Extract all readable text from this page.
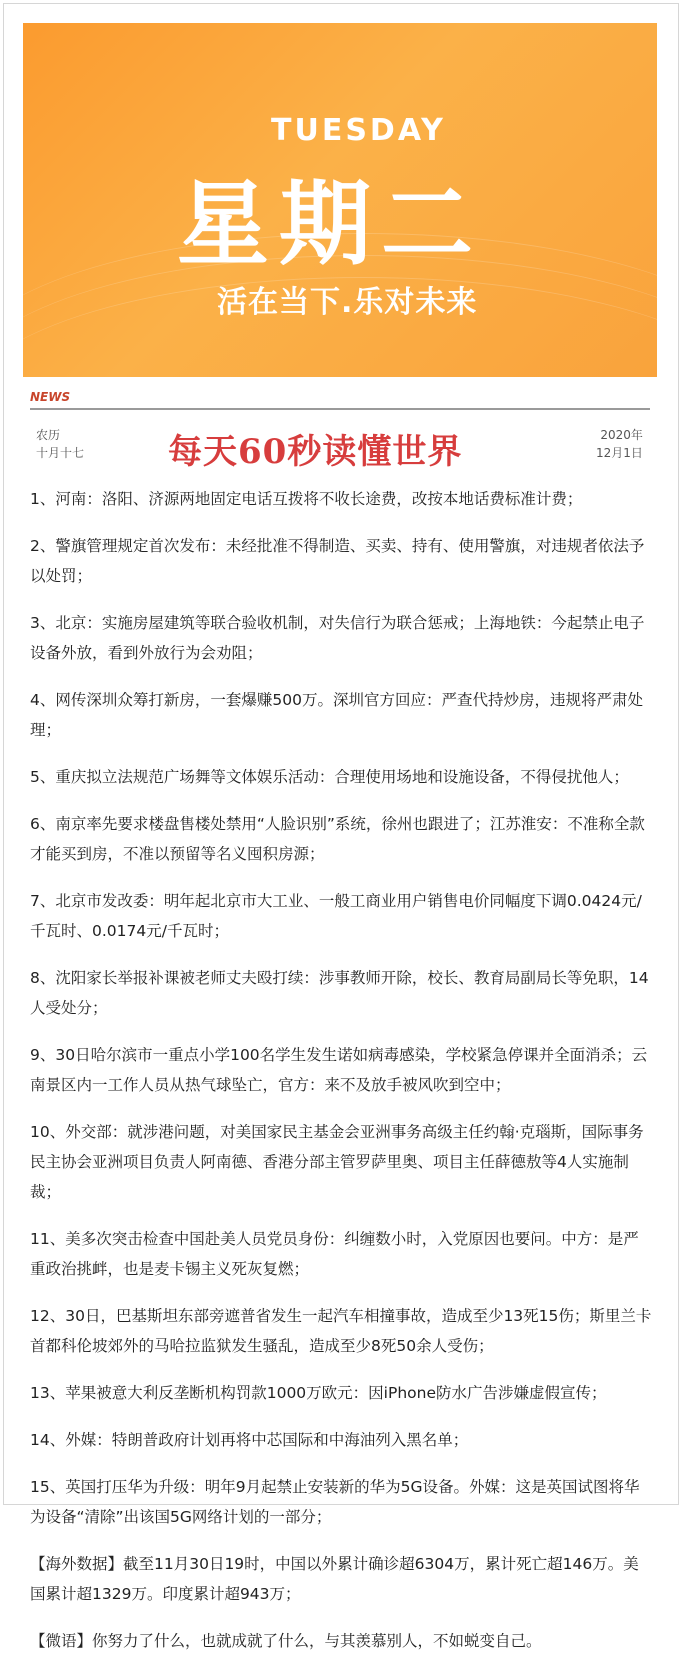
TUESDAY
星期二
活在当下.乐对未来
NEWS
农历
十月十七 每天60秒读懂世界	2020年
12月1日

1、河南：洛阳、济源两地固定电话互拨将不收长途费，改按本地话费标准计费；

2、警旗管理规定首次发布：未经批准不得制造、买卖、持有、使用警旗，对违规者依法予以处罚；

3、北京：实施房屋建筑等联合验收机制，对失信行为联合惩戒；上海地铁：今起禁止电子设备外放，看到外放行为会劝阻；

4、网传深圳众筹打新房，一套爆赚500万。深圳官方回应：严查代持炒房，违规将严肃处理；

5、重庆拟立法规范广场舞等文体娱乐活动：合理使用场地和设施设备，不得侵扰他人；

6、南京率先要求楼盘售楼处禁用“人脸识别”系统，徐州也跟进了；江苏淮安：不准称全款才能买到房，不准以预留等名义囤积房源；

7、北京市发改委：明年起北京市大工业、一般工商业用户销售电价同幅度下调0.0424元/千瓦时、0.0174元/千瓦时；

8、沈阳家长举报补课被老师丈夫殴打续：涉事教师开除，校长、教育局副局长等免职，14人受处分；

9、30日哈尔滨市一重点小学100名学生发生诺如病毒感染，学校紧急停课并全面消杀；云南景区内一工作人员从热气球坠亡，官方：来不及放手被风吹到空中；

10、外交部：就涉港问题，对美国家民主基金会亚洲事务高级主任约翰·克瑙斯，国际事务民主协会亚洲项目负责人阿南德、香港分部主管罗萨里奥、项目主任薛德敖等4人实施制裁；

11、美多次突击检查中国赴美人员党员身份：纠缠数小时，入党原因也要问。中方：是严重政治挑衅，也是麦卡锡主义死灰复燃；

12、30日，巴基斯坦东部旁遮普省发生一起汽车相撞事故，造成至少13死15伤；斯里兰卡首都科伦坡郊外的马哈拉监狱发生骚乱，造成至少8死50余人受伤；

13、苹果被意大利反垄断机构罚款1000万欧元：因iPhone防水广告涉嫌虚假宣传；

14、外媒：特朗普政府计划再将中芯国际和中海油列入黑名单；

15、英国打压华为升级：明年9月起禁止安装新的华为5G设备。外媒：这是英国试图将华为设备“清除”出该国5G网络计划的一部分；

【海外数据】截至11月30日19时，中国以外累计确诊超6304万，累计死亡超146万。美国累计超1329万。印度累计超943万；

【微语】你努力了什么，也就成就了什么，与其羡慕别人，不如蜕变自己。
